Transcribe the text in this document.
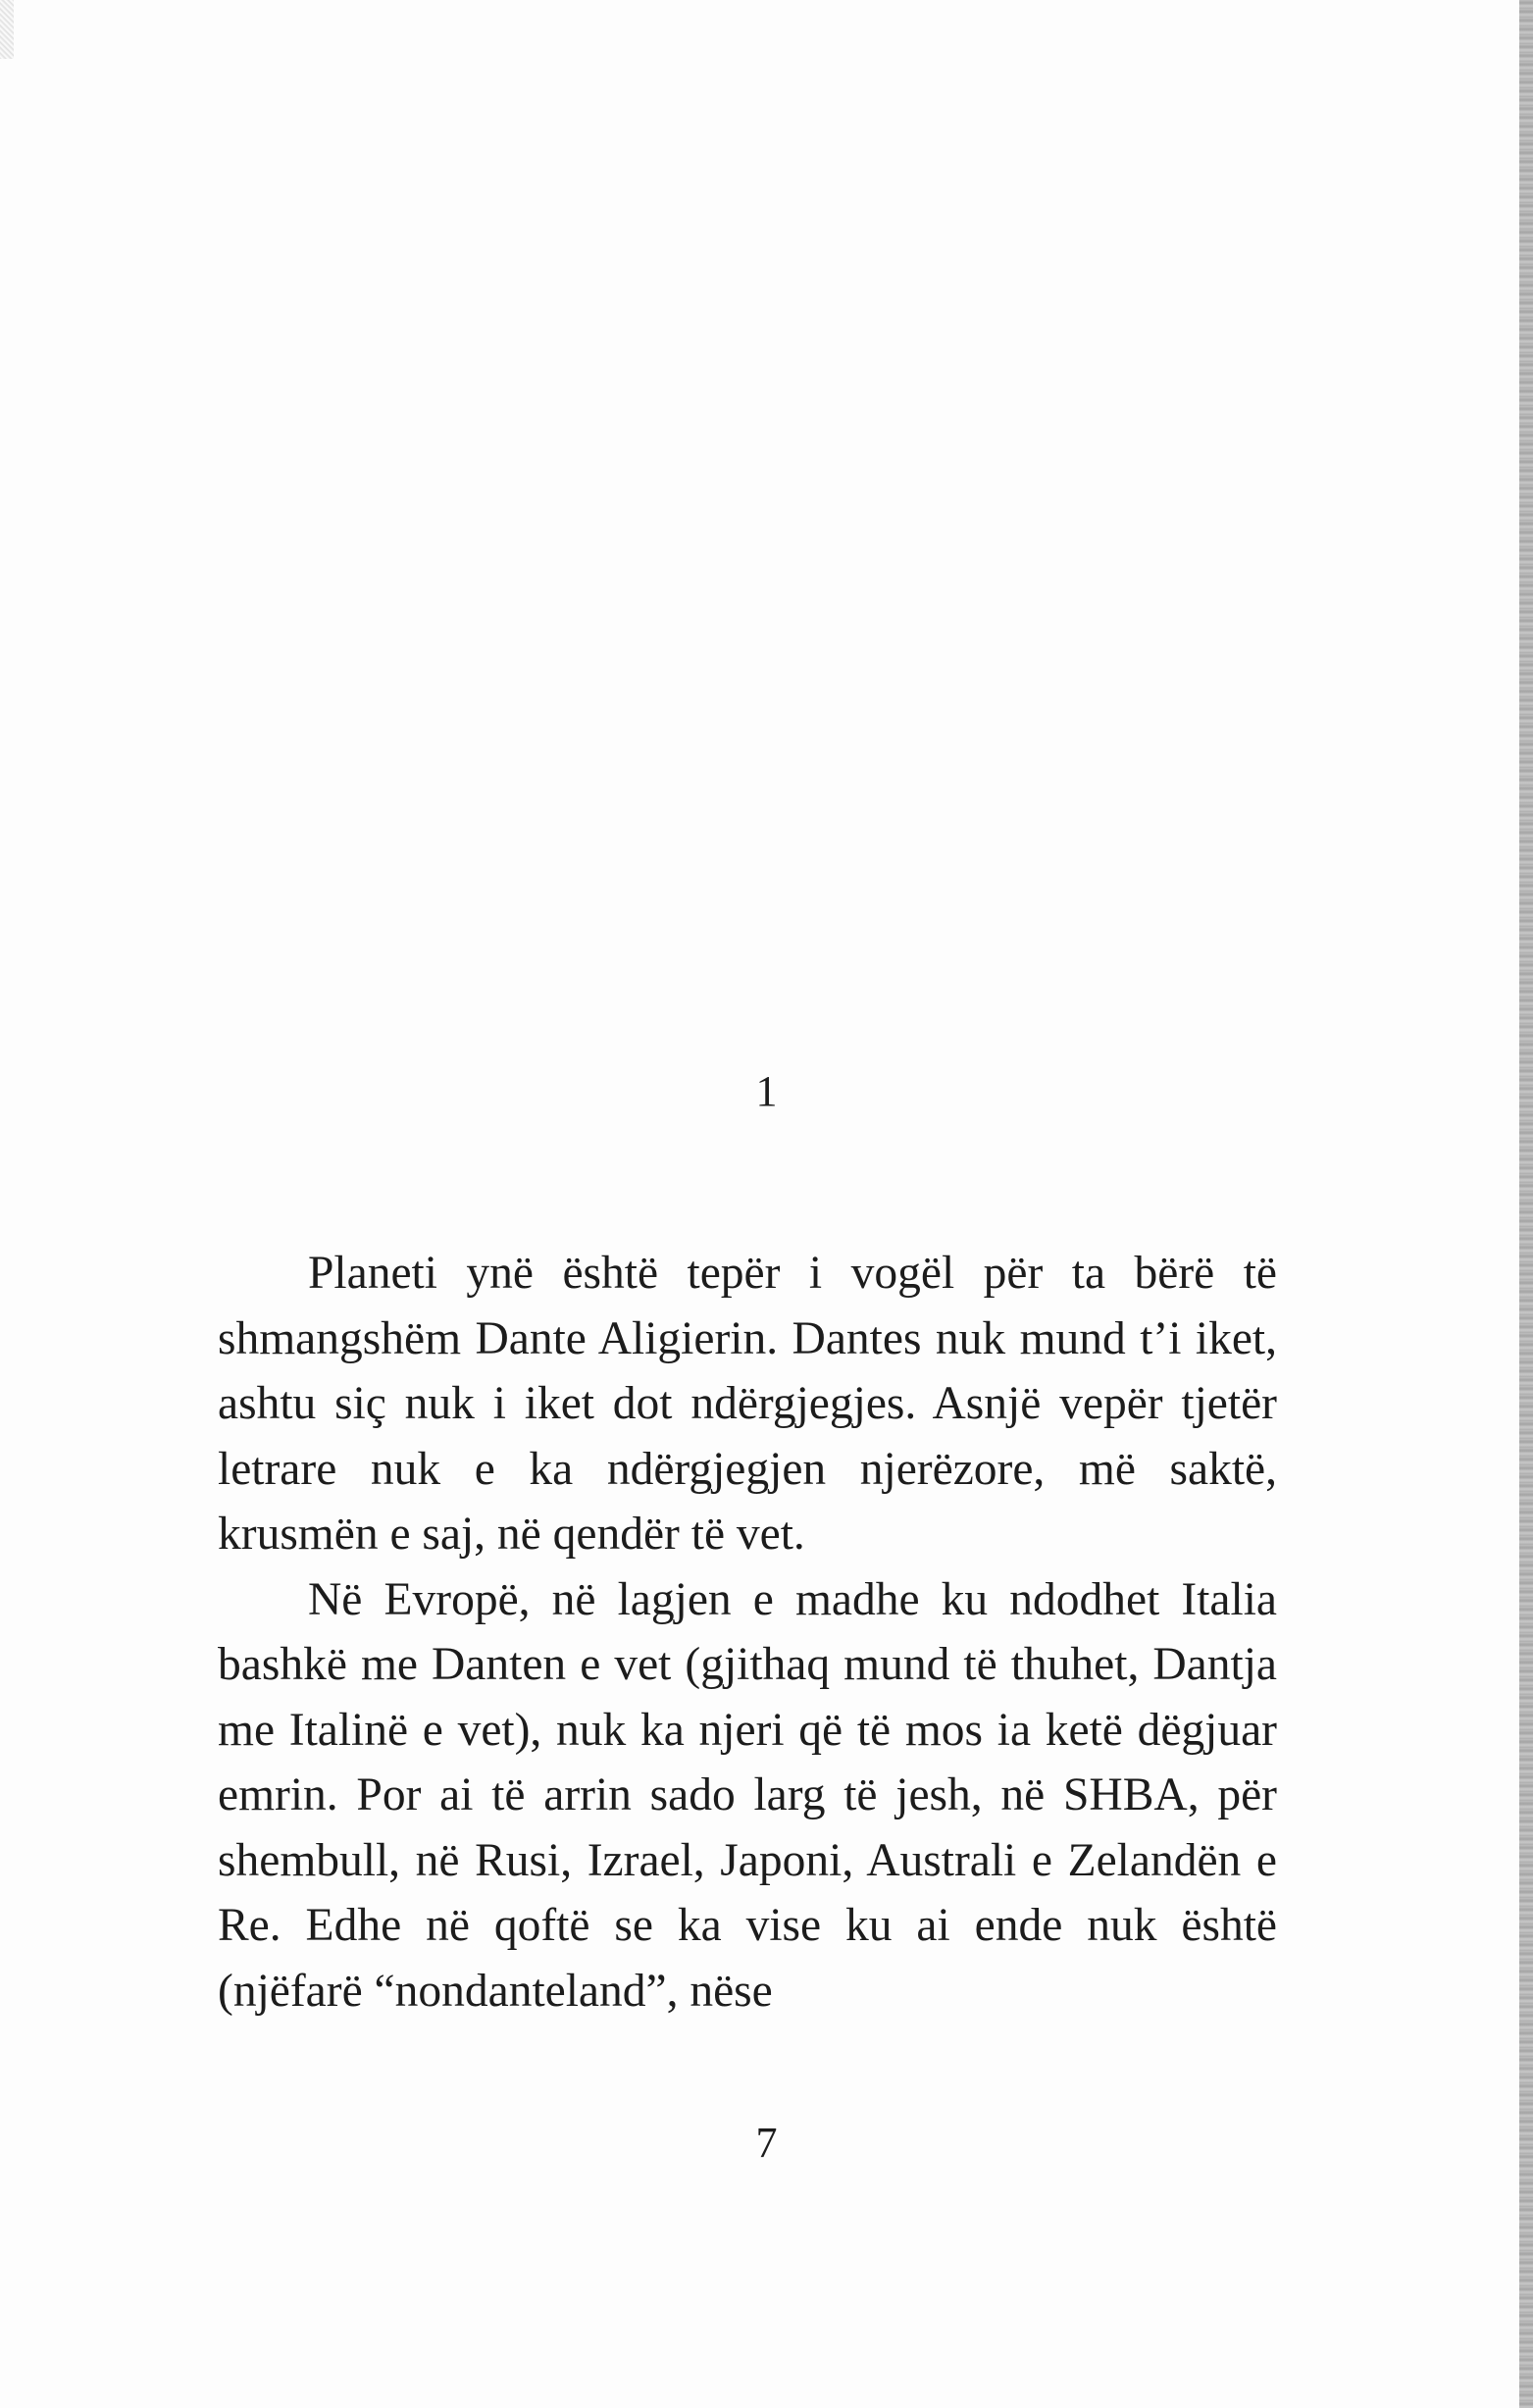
1

Planeti ynë është tepër i vogël për ta bërë të shmangshëm Dante Aligierin. Dantes nuk mund t’i iket, ashtu siç nuk i iket dot ndërgjegjes. Asnjë vepër tjetër letrare nuk e ka ndërgjegjen njerëzore, më saktë, krusmën e saj, në qendër të vet.

Në Evropë, në lagjen e madhe ku ndodhet Italia bashkë me Danten e vet (gjithaq mund të thuhet, Dantja me Italinë e vet), nuk ka njeri që të mos ia ketë dëgjuar emrin. Por ai të arrin sado larg të jesh, në SHBA, për shembull, në Rusi, Izrael, Japoni, Australi e Zelandën e Re. Edhe në qoftë se ka vise ku ai ende nuk është (njëfarë “nondanteland”, nëse

7
